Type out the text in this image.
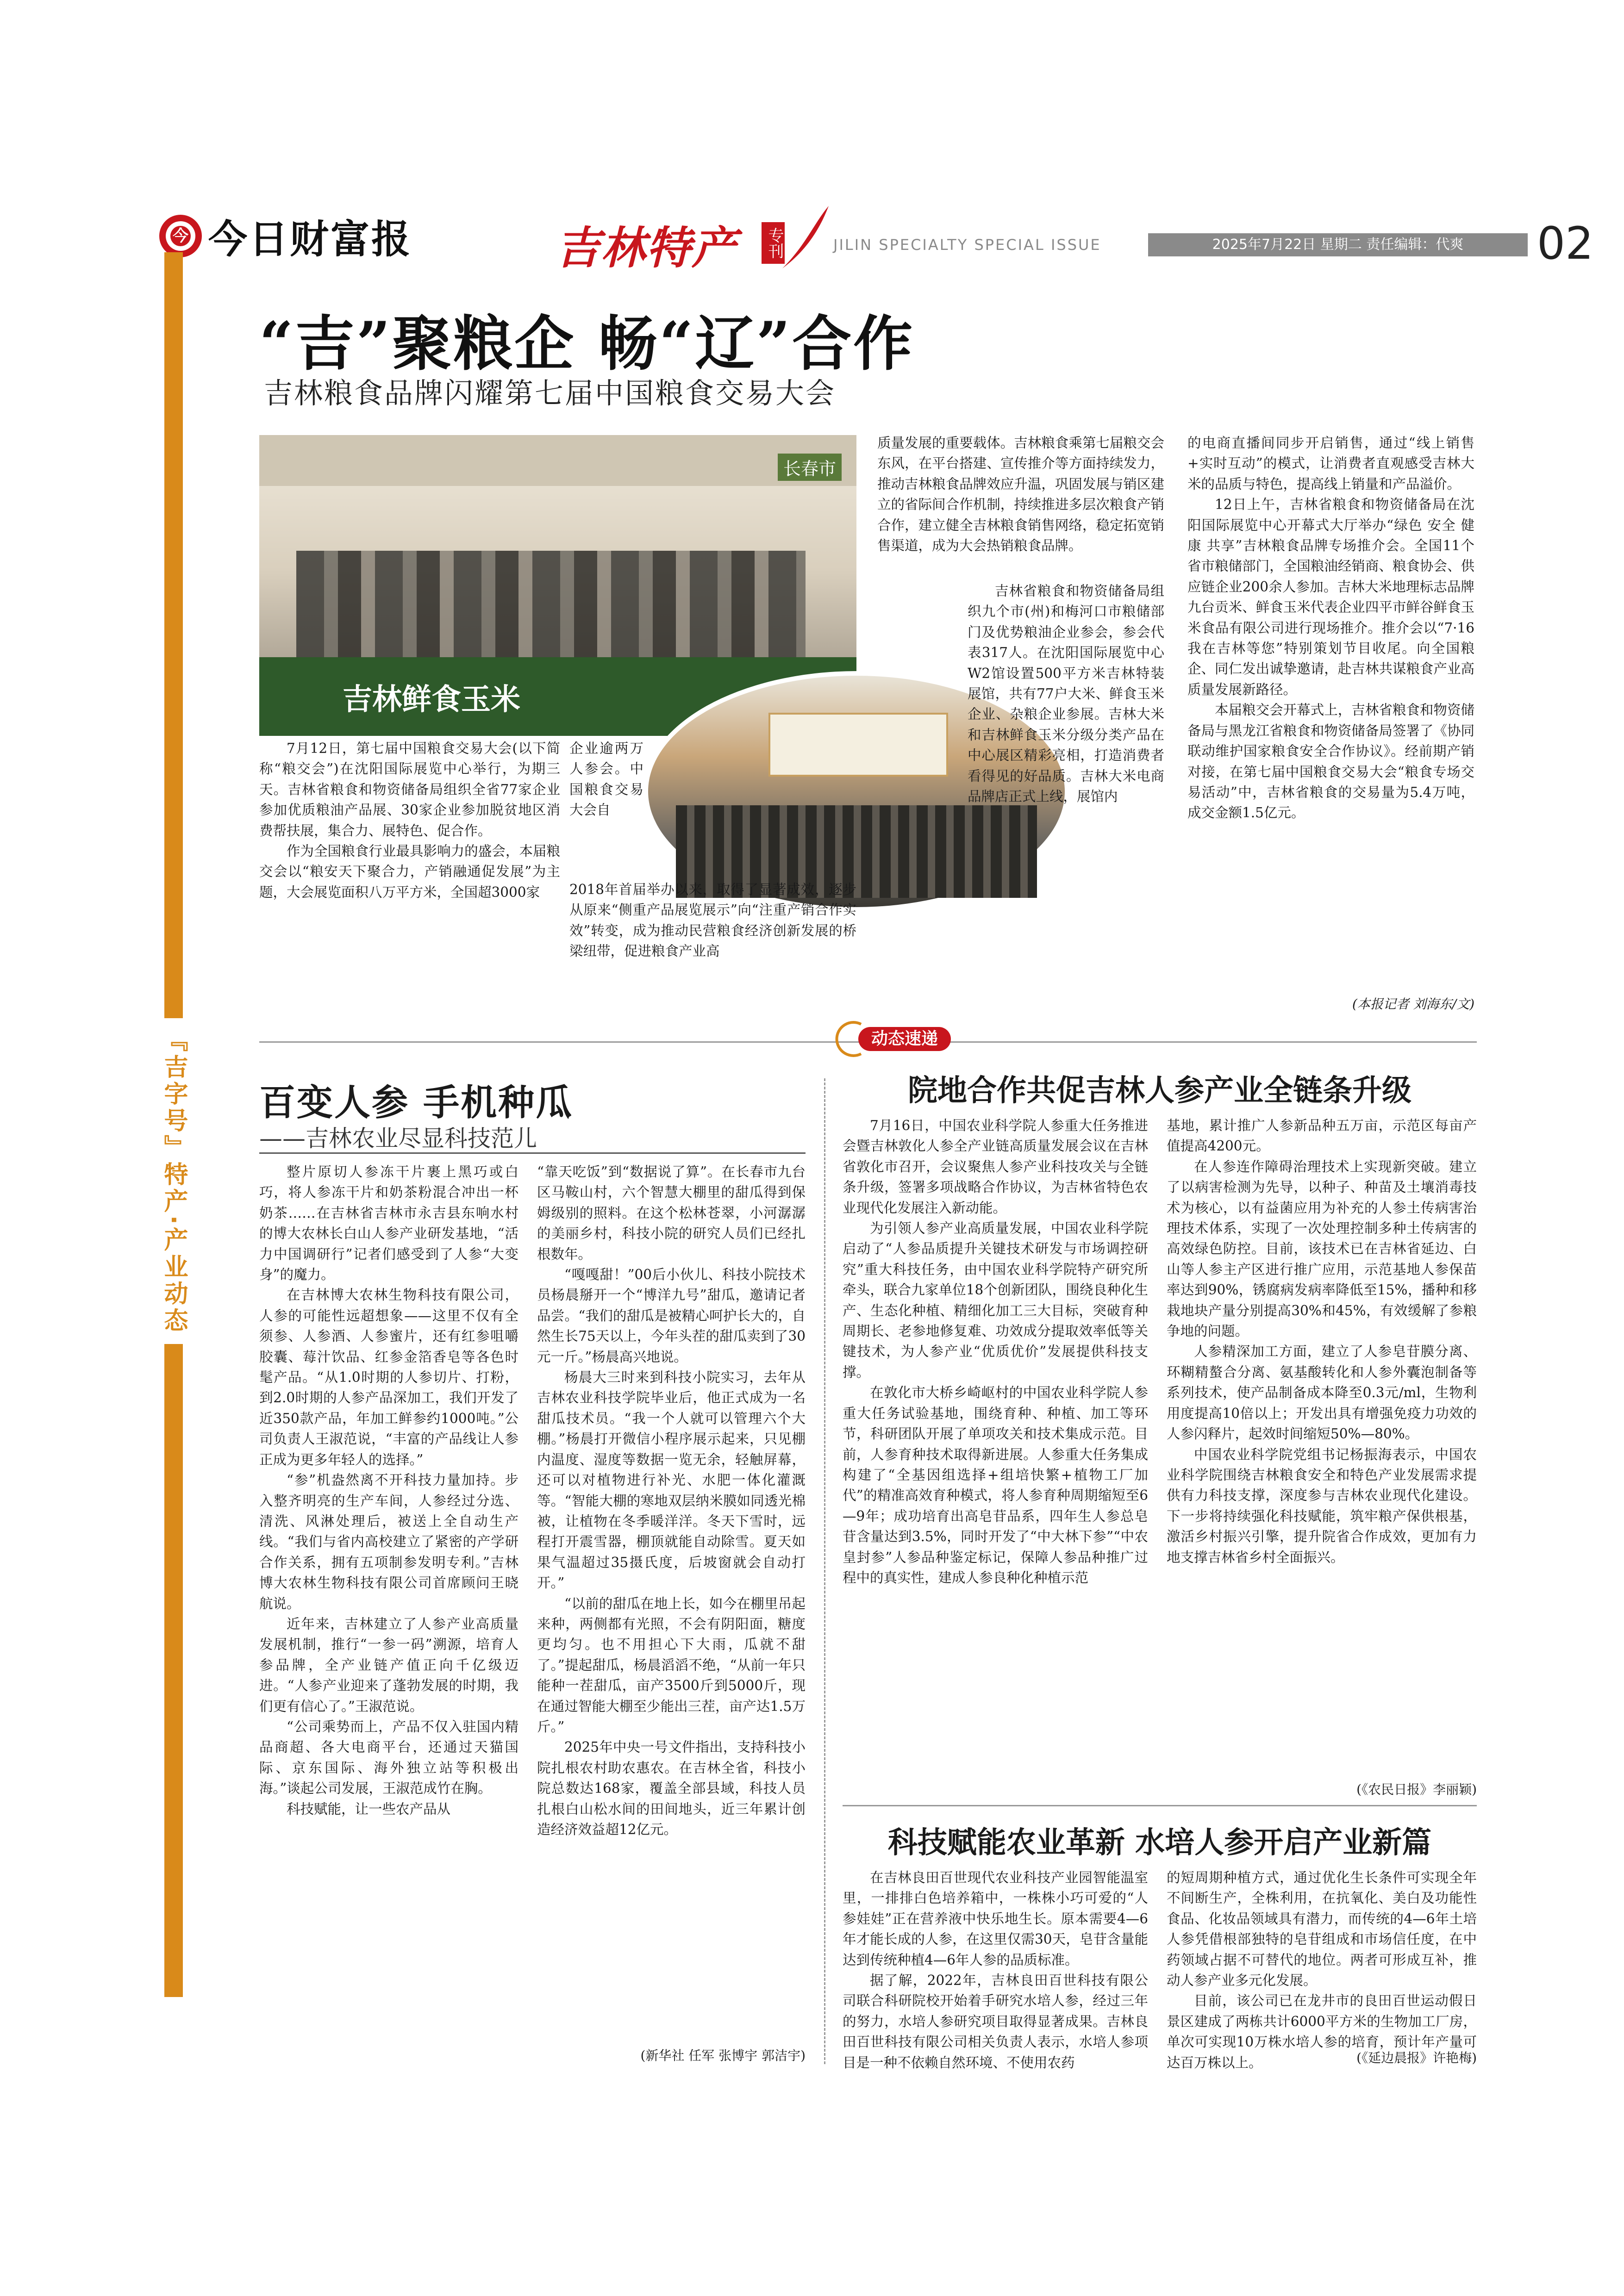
今 今日财富报	吉林特产 专刊	JILIN SPECIALTY SPECIAL ISSUE	2025年7月22日 星期二 责任编辑：代爽	02
『吉字号』特产·产业动态
“吉”聚粮企 畅“辽”合作
吉林粮食品牌闪耀第七届中国粮食交易大会
长春市
吉林鲜食玉米

7月12日，第七届中国粮食交易大会(以下简称“粮交会”)在沈阳国际展览中心举行，为期三天。吉林省粮食和物资储备局组织全省77家企业参加优质粮油产品展、30家企业参加脱贫地区消费帮扶展，集合力、展特色、促合作。

作为全国粮食行业最具影响力的盛会，本届粮交会以“粮安天下聚合力，产销融通促发展”为主题，大会展览面积八万平方米，全国超3000家

企业逾两万人参会。中国粮食交易大会自

2018年首届举办以来，取得了显著成效，逐步从原来“侧重产品展览展示”向“注重产销合作实效”转变，成为推动民营粮食经济创新发展的桥梁纽带，促进粮食产业高

质量发展的重要载体。吉林粮食乘第七届粮交会东风，在平台搭建、宣传推介等方面持续发力，推动吉林粮食品牌效应升温，巩固发展与销区建立的省际间合作机制，持续推进多层次粮食产销合作，建立健全吉林粮食销售网络，稳定拓宽销售渠道，成为大会热销粮食品牌。

吉林省粮食和物资储备局组织九个市(州)和梅河口市粮储部门及优势粮油企业参会，参会代表317人。在沈阳国际展览中心W2馆设置500平方米吉林特装展馆，共有77户大米、鲜食玉米企业、杂粮企业参展。吉林大米和吉林鲜食玉米分级分类产品在中心展区精彩亮相，打造消费者看得见的好品质。吉林大米电商品牌店正式上线，展馆内

的电商直播间同步开启销售，通过“线上销售+实时互动”的模式，让消费者直观感受吉林大米的品质与特色，提高线上销量和产品溢价。

12日上午，吉林省粮食和物资储备局在沈阳国际展览中心开幕式大厅举办“绿色 安全 健康 共享”吉林粮食品牌专场推介会。全国11个省市粮储部门，全国粮油经销商、粮食协会、供应链企业200余人参加。吉林大米地理标志品牌九台贡米、鲜食玉米代表企业四平市鲜谷鲜食玉米食品有限公司进行现场推介。推介会以“7·16我在吉林等您”特别策划节目收尾。向全国粮企、同仁发出诚挚邀请，赴吉林共谋粮食产业高质量发展新路径。

本届粮交会开幕式上，吉林省粮食和物资储备局与黑龙江省粮食和物资储备局签署了《协同联动维护国家粮食安全合作协议》。经前期产销对接，在第七届中国粮食交易大会“粮食专场交易活动”中，吉林省粮食的交易量为5.4万吨，成交金额1.5亿元。

(本报记者 刘海东/文)
百变人参 手机种瓜
——吉林农业尽显科技范儿

整片原切人参冻干片裹上黑巧或白巧，将人参冻干片和奶茶粉混合冲出一杯奶茶……在吉林省吉林市永吉县东响水村的博大农林长白山人参产业研发基地，“活力中国调研行”记者们感受到了人参“大变身”的魔力。

在吉林博大农林生物科技有限公司，人参的可能性远超想象——这里不仅有全须参、人参酒、人参蜜片，还有红参咀嚼胶囊、莓汁饮品、红参金箔香皂等各色时髦产品。“从1.0时期的人参切片、打粉，到2.0时期的人参产品深加工，我们开发了近350款产品，年加工鲜参约1000吨。”公司负责人王淑范说，“丰富的产品线让人参正成为更多年轻人的选择。”

“参”机盎然离不开科技力量加持。步入整齐明亮的生产车间，人参经过分选、清洗、风淋处理后，被送上全自动生产线。“我们与省内高校建立了紧密的产学研合作关系，拥有五项制参发明专利。”吉林博大农林生物科技有限公司首席顾问王晓航说。

近年来，吉林建立了人参产业高质量发展机制，推行“一参一码”溯源，培育人参品牌，全产业链产值正向千亿级迈进。“人参产业迎来了蓬勃发展的时期，我们更有信心了。”王淑范说。

“公司乘势而上，产品不仅入驻国内精品商超、各大电商平台，还通过天猫国际、京东国际、海外独立站等积极出海。”谈起公司发展，王淑范成竹在胸。

科技赋能，让一些农产品从

“靠天吃饭”到“数据说了算”。在长春市九台区马鞍山村，六个智慧大棚里的甜瓜得到保姆级别的照料。在这个松林苍翠，小河潺潺的美丽乡村，科技小院的研究人员们已经扎根数年。

“嘎嘎甜！”00后小伙儿、科技小院技术员杨晨掰开一个“博洋九号”甜瓜，邀请记者品尝。“我们的甜瓜是被精心呵护长大的，自然生长75天以上，今年头茬的甜瓜卖到了30元一斤。”杨晨高兴地说。

杨晨大三时来到科技小院实习，去年从吉林农业科技学院毕业后，他正式成为一名甜瓜技术员。“我一个人就可以管理六个大棚。”杨晨打开微信小程序展示起来，只见棚内温度、湿度等数据一览无余，轻触屏幕，还可以对植物进行补光、水肥一体化灌溉等。“智能大棚的寒地双层纳米膜如同透光棉被，让植物在冬季暖洋洋。冬天下雪时，远程打开震雪器，棚顶就能自动除雪。夏天如果气温超过35摄氏度，后坡窗就会自动打开。”

“以前的甜瓜在地上长，如今在棚里吊起来种，两侧都有光照，不会有阴阳面，糖度更均匀。也不用担心下大雨，瓜就不甜了。”提起甜瓜，杨晨滔滔不绝，“从前一年只能种一茬甜瓜，亩产3500斤到5000斤，现在通过智能大棚至少能出三茬，亩产达1.5万斤。”

2025年中央一号文件指出，支持科技小院扎根农村助农惠农。在吉林全省，科技小院总数达168家，覆盖全部县域，科技人员扎根白山松水间的田间地头，近三年累计创造经济效益超12亿元。

(新华社 任军 张博宇 郭洁宇)
动态速递
院地合作共促吉林人参产业全链条升级

7月16日，中国农业科学院人参重大任务推进会暨吉林敦化人参全产业链高质量发展会议在吉林省敦化市召开，会议聚焦人参产业科技攻关与全链条升级，签署多项战略合作协议，为吉林省特色农业现代化发展注入新动能。

为引领人参产业高质量发展，中国农业科学院启动了“人参品质提升关键技术研发与市场调控研究”重大科技任务，由中国农业科学院特产研究所牵头，联合九家单位18个创新团队，围绕良种化生产、生态化种植、精细化加工三大目标，突破育种周期长、老参地修复难、功效成分提取效率低等关键技术，为人参产业“优质优价”发展提供科技支撑。

在敦化市大桥乡崎岖村的中国农业科学院人参重大任务试验基地，围绕育种、种植、加工等环节，科研团队开展了单项攻关和技术集成示范。目前，人参育种技术取得新进展。人参重大任务集成构建了“全基因组选择+组培快繁+植物工厂加代”的精准高效育种模式，将人参育种周期缩短至6—9年；成功培育出高皂苷品系，四年生人参总皂苷含量达到3.5%，同时开发了“中大林下参”“中农皇封参”人参品种鉴定标记，保障人参品种推广过程中的真实性，建成人参良种化种植示范

基地，累计推广人参新品种五万亩，示范区每亩产值提高4200元。

在人参连作障碍治理技术上实现新突破。建立了以病害检测为先导，以种子、种苗及土壤消毒技术为核心，以有益菌应用为补充的人参土传病害治理技术体系，实现了一次处理控制多种土传病害的高效绿色防控。目前，该技术已在吉林省延边、白山等人参主产区进行推广应用，示范基地人参保苗率达到90%，锈腐病发病率降低至15%，播种和移栽地块产量分别提高30%和45%，有效缓解了参粮争地的问题。

人参精深加工方面，建立了人参皂苷膜分离、环糊精螯合分离、氨基酸转化和人参外囊泡制备等系列技术，使产品制备成本降至0.3元/ml，生物利用度提高10倍以上；开发出具有增强免疫力功效的人参闪释片，起效时间缩短50%—80%。

中国农业科学院党组书记杨振海表示，中国农业科学院围绕吉林粮食安全和特色产业发展需求提供有力科技支撑，深度参与吉林农业现代化建设。下一步将持续强化科技赋能，筑牢粮产保供根基，激活乡村振兴引擎，提升院省合作成效，更加有力地支撑吉林省乡村全面振兴。

(《农民日报》李丽颖)
科技赋能农业革新 水培人参开启产业新篇

在吉林良田百世现代农业科技产业园智能温室里，一排排白色培养箱中，一株株小巧可爱的“人参娃娃”正在营养液中快乐地生长。原本需要4—6年才能长成的人参，在这里仅需30天，皂苷含量能达到传统种植4—6年人参的品质标准。

据了解，2022年，吉林良田百世科技有限公司联合科研院校开始着手研究水培人参，经过三年的努力，水培人参研究项目取得显著成果。吉林良田百世科技有限公司相关负责人表示，水培人参项目是一种不依赖自然环境、不使用农药

的短周期种植方式，通过优化生长条件可实现全年不间断生产，全株利用，在抗氧化、美白及功能性食品、化妆品领域具有潜力，而传统的4—6年土培人参凭借根部独特的皂苷组成和市场信任度，在中药领域占据不可替代的地位。两者可形成互补，推动人参产业多元化发展。

目前，该公司已在龙井市的良田百世运动假日景区建成了两栋共计6000平方米的生物加工厂房，单次可实现10万株水培人参的培育，预计年产量可达百万株以上。	(《延边晨报》许艳梅)
